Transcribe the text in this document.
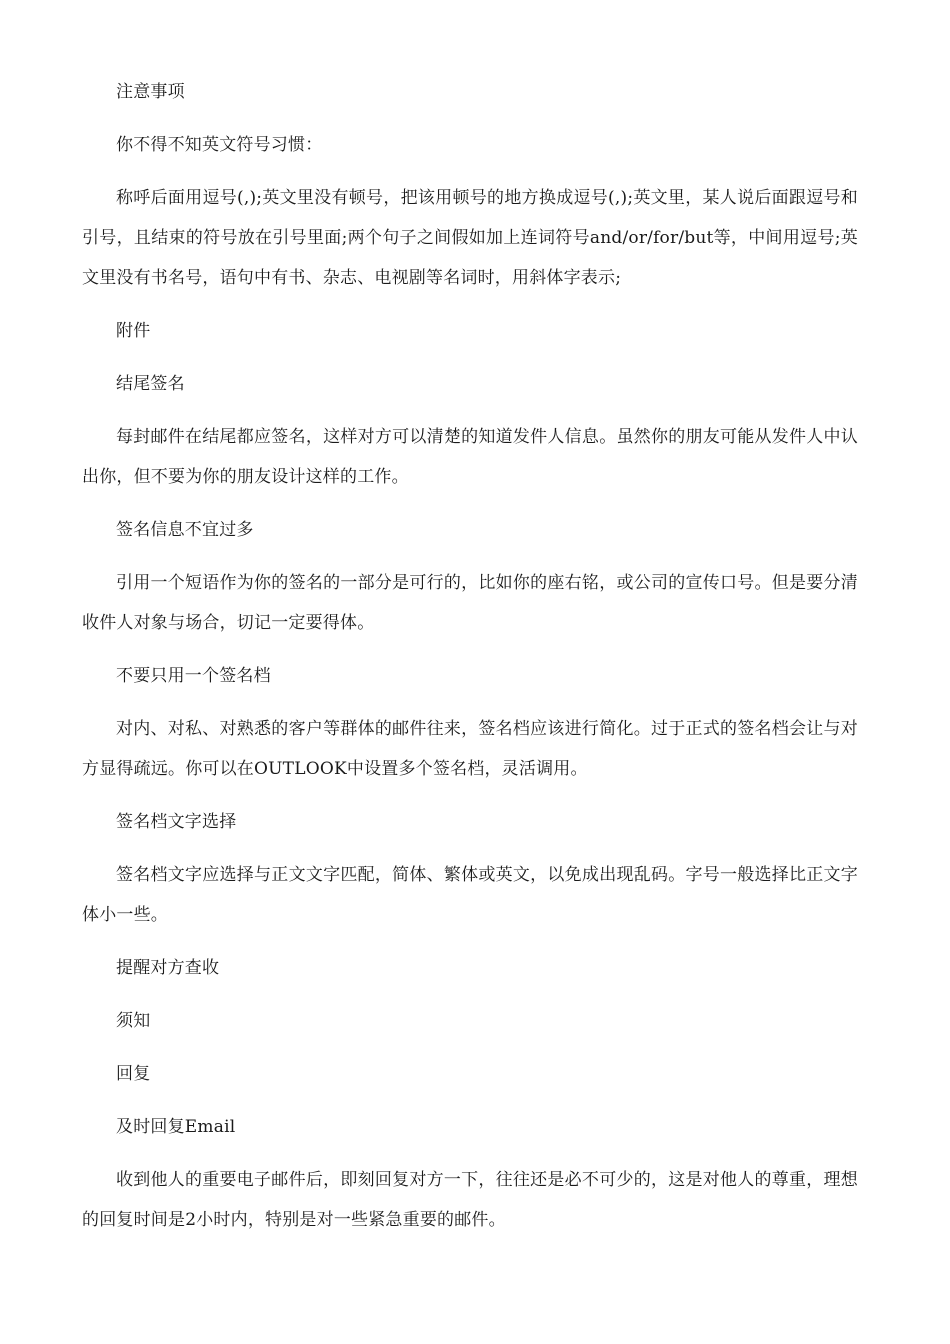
注意事项

你不得不知英文符号习惯：

称呼后面用逗号(,);英文里没有顿号，把该用顿号的地方换成逗号(,);英文里，某人说后面跟逗号和引号，且结束的符号放在引号里面;两个句子之间假如加上连词符号and/or/for/but等，中间用逗号;英文里没有书名号，语句中有书、杂志、电视剧等名词时，用斜体字表示;

附件

结尾签名

每封邮件在结尾都应签名，这样对方可以清楚的知道发件人信息。虽然你的朋友可能从发件人中认出你，但不要为你的朋友设计这样的工作。

签名信息不宜过多

引用一个短语作为你的签名的一部分是可行的，比如你的座右铭，或公司的宣传口号。但是要分清收件人对象与场合，切记一定要得体。

不要只用一个签名档

对内、对私、对熟悉的客户等群体的邮件往来，签名档应该进行简化。过于正式的签名档会让与对方显得疏远。你可以在OUTLOOK中设置多个签名档，灵活调用。

签名档文字选择

签名档文字应选择与正文文字匹配，简体、繁体或英文，以免成出现乱码。字号一般选择比正文字体小一些。

提醒对方查收

须知

回复

及时回复Email

收到他人的重要电子邮件后，即刻回复对方一下，往往还是必不可少的，这是对他人的尊重，理想的回复时间是2小时内，特别是对一些紧急重要的邮件。
